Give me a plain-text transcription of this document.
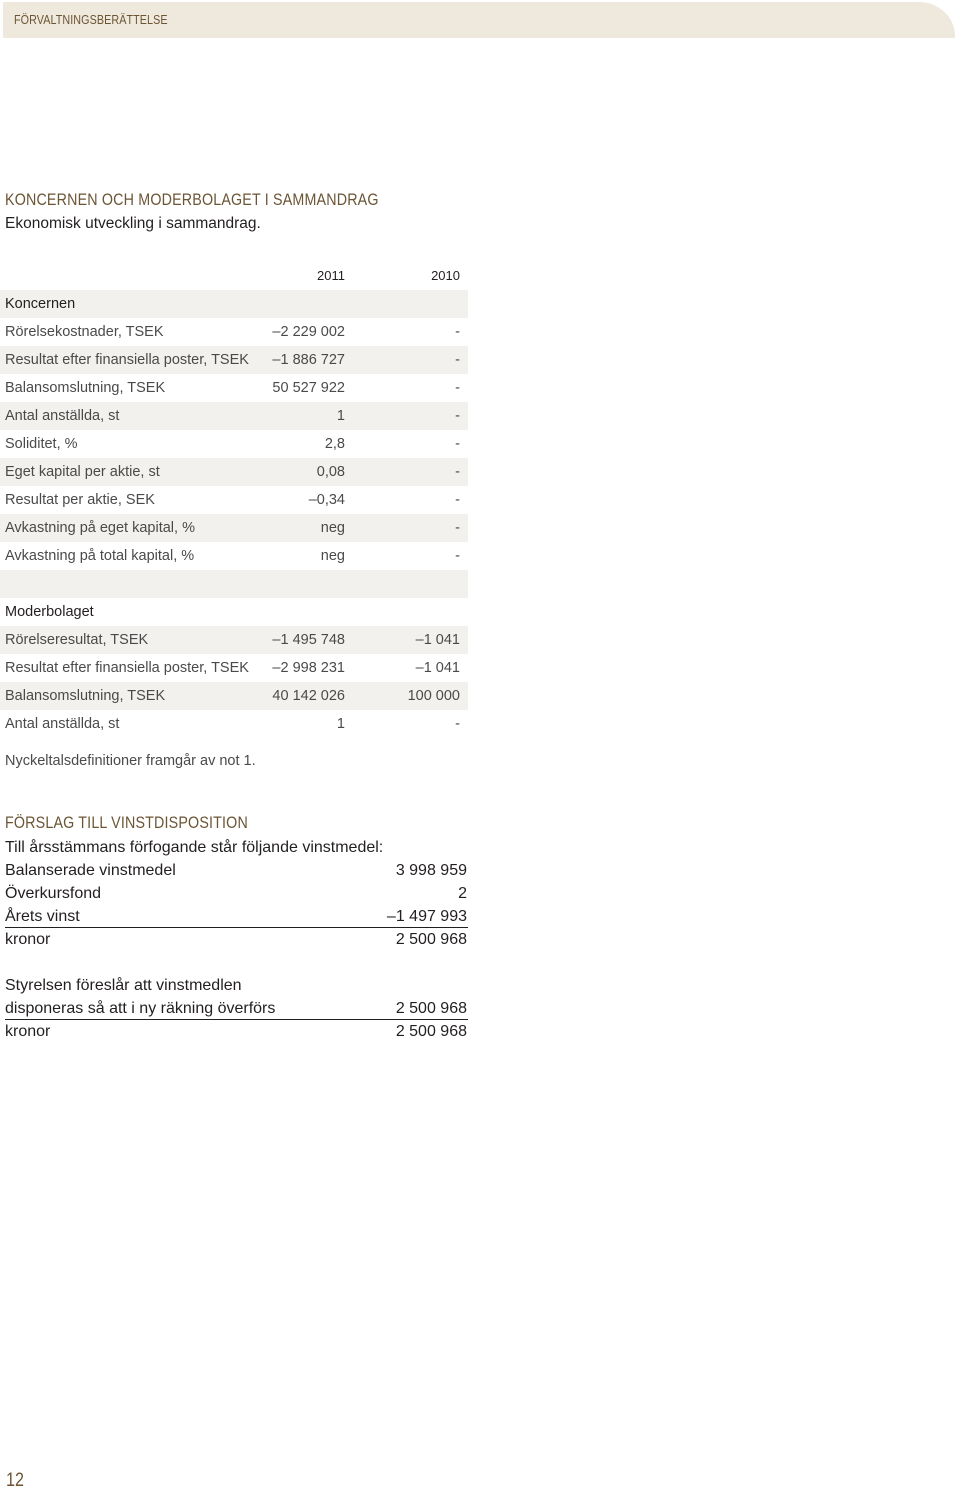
FÖRVALTNINGSBERÄTTELSE
KONCERNEN OCH MODERBOLAGET I SAMMANDRAG
Ekonomisk utveckling i sammandrag.
2011	2010
Koncernen
Rörelsekostnader, TSEK	–2 229 002	-
Resultat efter finansiella poster, TSEK –1 886 727	-
Balansomslutning, TSEK	50 527 922	-
Antal anställda, st	1	-
Soliditet, %	2,8	-
Eget kapital per aktie, st	0,08	-
Resultat per aktie, SEK	–0,34	-
Avkastning på eget kapital, %	neg	-
Avkastning på total kapital, %	neg	-
Moderbolaget
Rörelseresultat, TSEK	–1 495 748	–1 041
Resultat efter finansiella poster, TSEK –2 998 231	–1 041
Balansomslutning, TSEK	40 142 026	100 000
Antal anställda, st	1	-
Nyckeltalsdefinitioner framgår av not 1.
FÖRSLAG TILL VINSTDISPOSITION
Till årsstämmans förfogande står följande vinstmedel:
Balanserade vinstmedel	3 998 959
Överkursfond	2
Årets vinst	–1 497 993
kronor	2 500 968
Styrelsen föreslår att vinstmedlen
disponeras så att i ny räkning överförs	2 500 968
kronor	2 500 968
12
